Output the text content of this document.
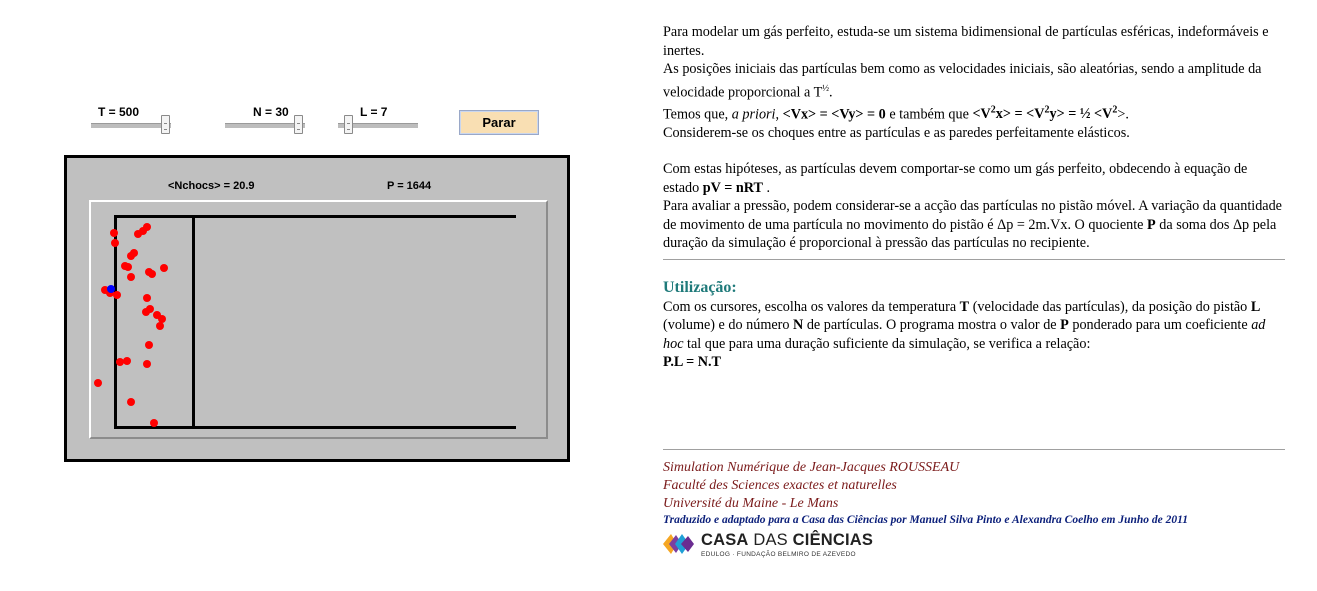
T = 500	N = 30	L = 7
Parar
<Nchocs> = 20.9	P = 1644

Para modelar um gás perfeito, estuda-se um sistema bidimensional de partículas esféricas, indeformáveis e inertes.
As posições iniciais das partículas bem como as velocidades iniciais, são aleatórias, sendo a amplitude da velocidade proporcional a $T^{\frac{1}{2}}$.
Temos que, a priori, <Vx> = <Vy> = 0 e também que $<V^2x> = <V^2y>$ = ½ $<V^2>$.
Considerem-se os choques entre as partículas e as paredes perfeitamente elásticos.

Com estas hipóteses, as partículas devem comportar-se como um gás perfeito, obdecendo à equação de estado pV = nRT .
Para avaliar a pressão, podem considerar-se a acção das partículas no pistão móvel. A variação da quantidade de movimento de uma partícula no movimento do pistão é Δp = 2m.Vx. O quociente P da soma dos Δp pela duração da simulação é proporcional à pressão das partículas no recipiente.

Utilização:

Com os cursores, escolha os valores da temperatura T (velocidade das partículas), da posição do pistão L (volume) e do número N de partículas. O programa mostra o valor de P ponderado para um coeficiente ad hoc tal que para uma duração suficiente da simulação, se verifica a relação:
P.L = N.T

Simulation Numérique de Jean-Jacques ROUSSEAU
Faculté des Sciences exactes et naturelles
Université du Maine - Le Mans
Traduzido e adaptado para a Casa das Ciências por Manuel Silva Pinto e Alexandra Coelho em Junho de 2011
CASA DAS CIÊNCIAS
EDULOG · FUNDAÇÃO BELMIRO DE AZEVEDO
